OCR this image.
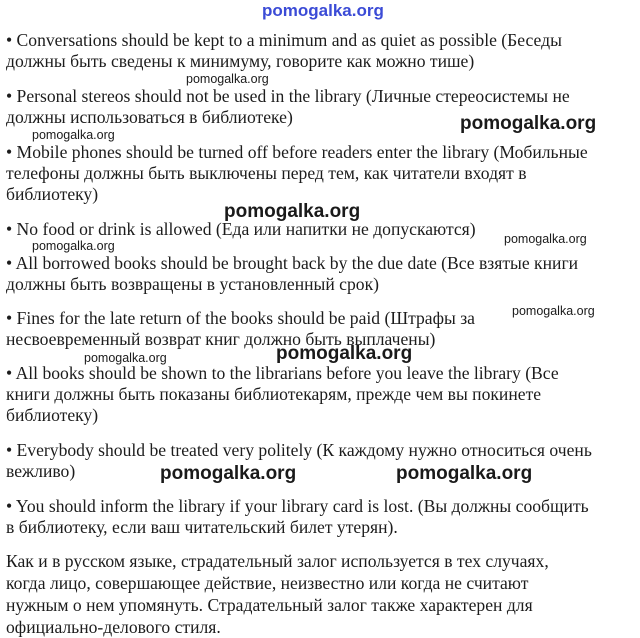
pomogalka.org
• Conversations should be kept to a minimum and as quiet as possible (Беседы
должны быть сведены к минимуму, говорите как можно тише)
• Personal stereos should not be used in the library (Личные стереосистемы не
должны использоваться в библиотеке)
• Mobile phones should be turned off before readers enter the library (Мобильные
телефоны должны быть выключены перед тем, как читатели входят в
библиотеку)
• No food or drink is allowed (Еда или напитки не допускаются)
• All borrowed books should be brought back by the due date (Все взятые книги
должны быть возвращены в установленный срок)
• Fines for the late return of the books should be paid (Штрафы за
несвоевременный возврат книг должно быть выплачены)
• All books should be shown to the librarians before you leave the library (Все
книги должны быть показаны библиотекарям, прежде чем вы покинете
библиотеку)
• Everybody should be treated very politely (К каждому нужно относиться очень
вежливо)
• You should inform the library if your library card is lost. (Вы должны сообщить
в библиотеку, если ваш читательский билет утерян).
Как и в русском языке, страдательный залог используется в тех случаях,
когда лицо, совершающее действие, неизвестно или когда не считают
нужным о нем упомянуть. Страдательный залог также характерен для
официально-делового стиля.
pomogalka.org
pomogalka.org
pomogalka.org
pomogalka.org
pomogalka.org	pomogalka.org
pomogalka.org
pomogalka.org
pomogalka.org
pomogalka.org	pomogalka.org
